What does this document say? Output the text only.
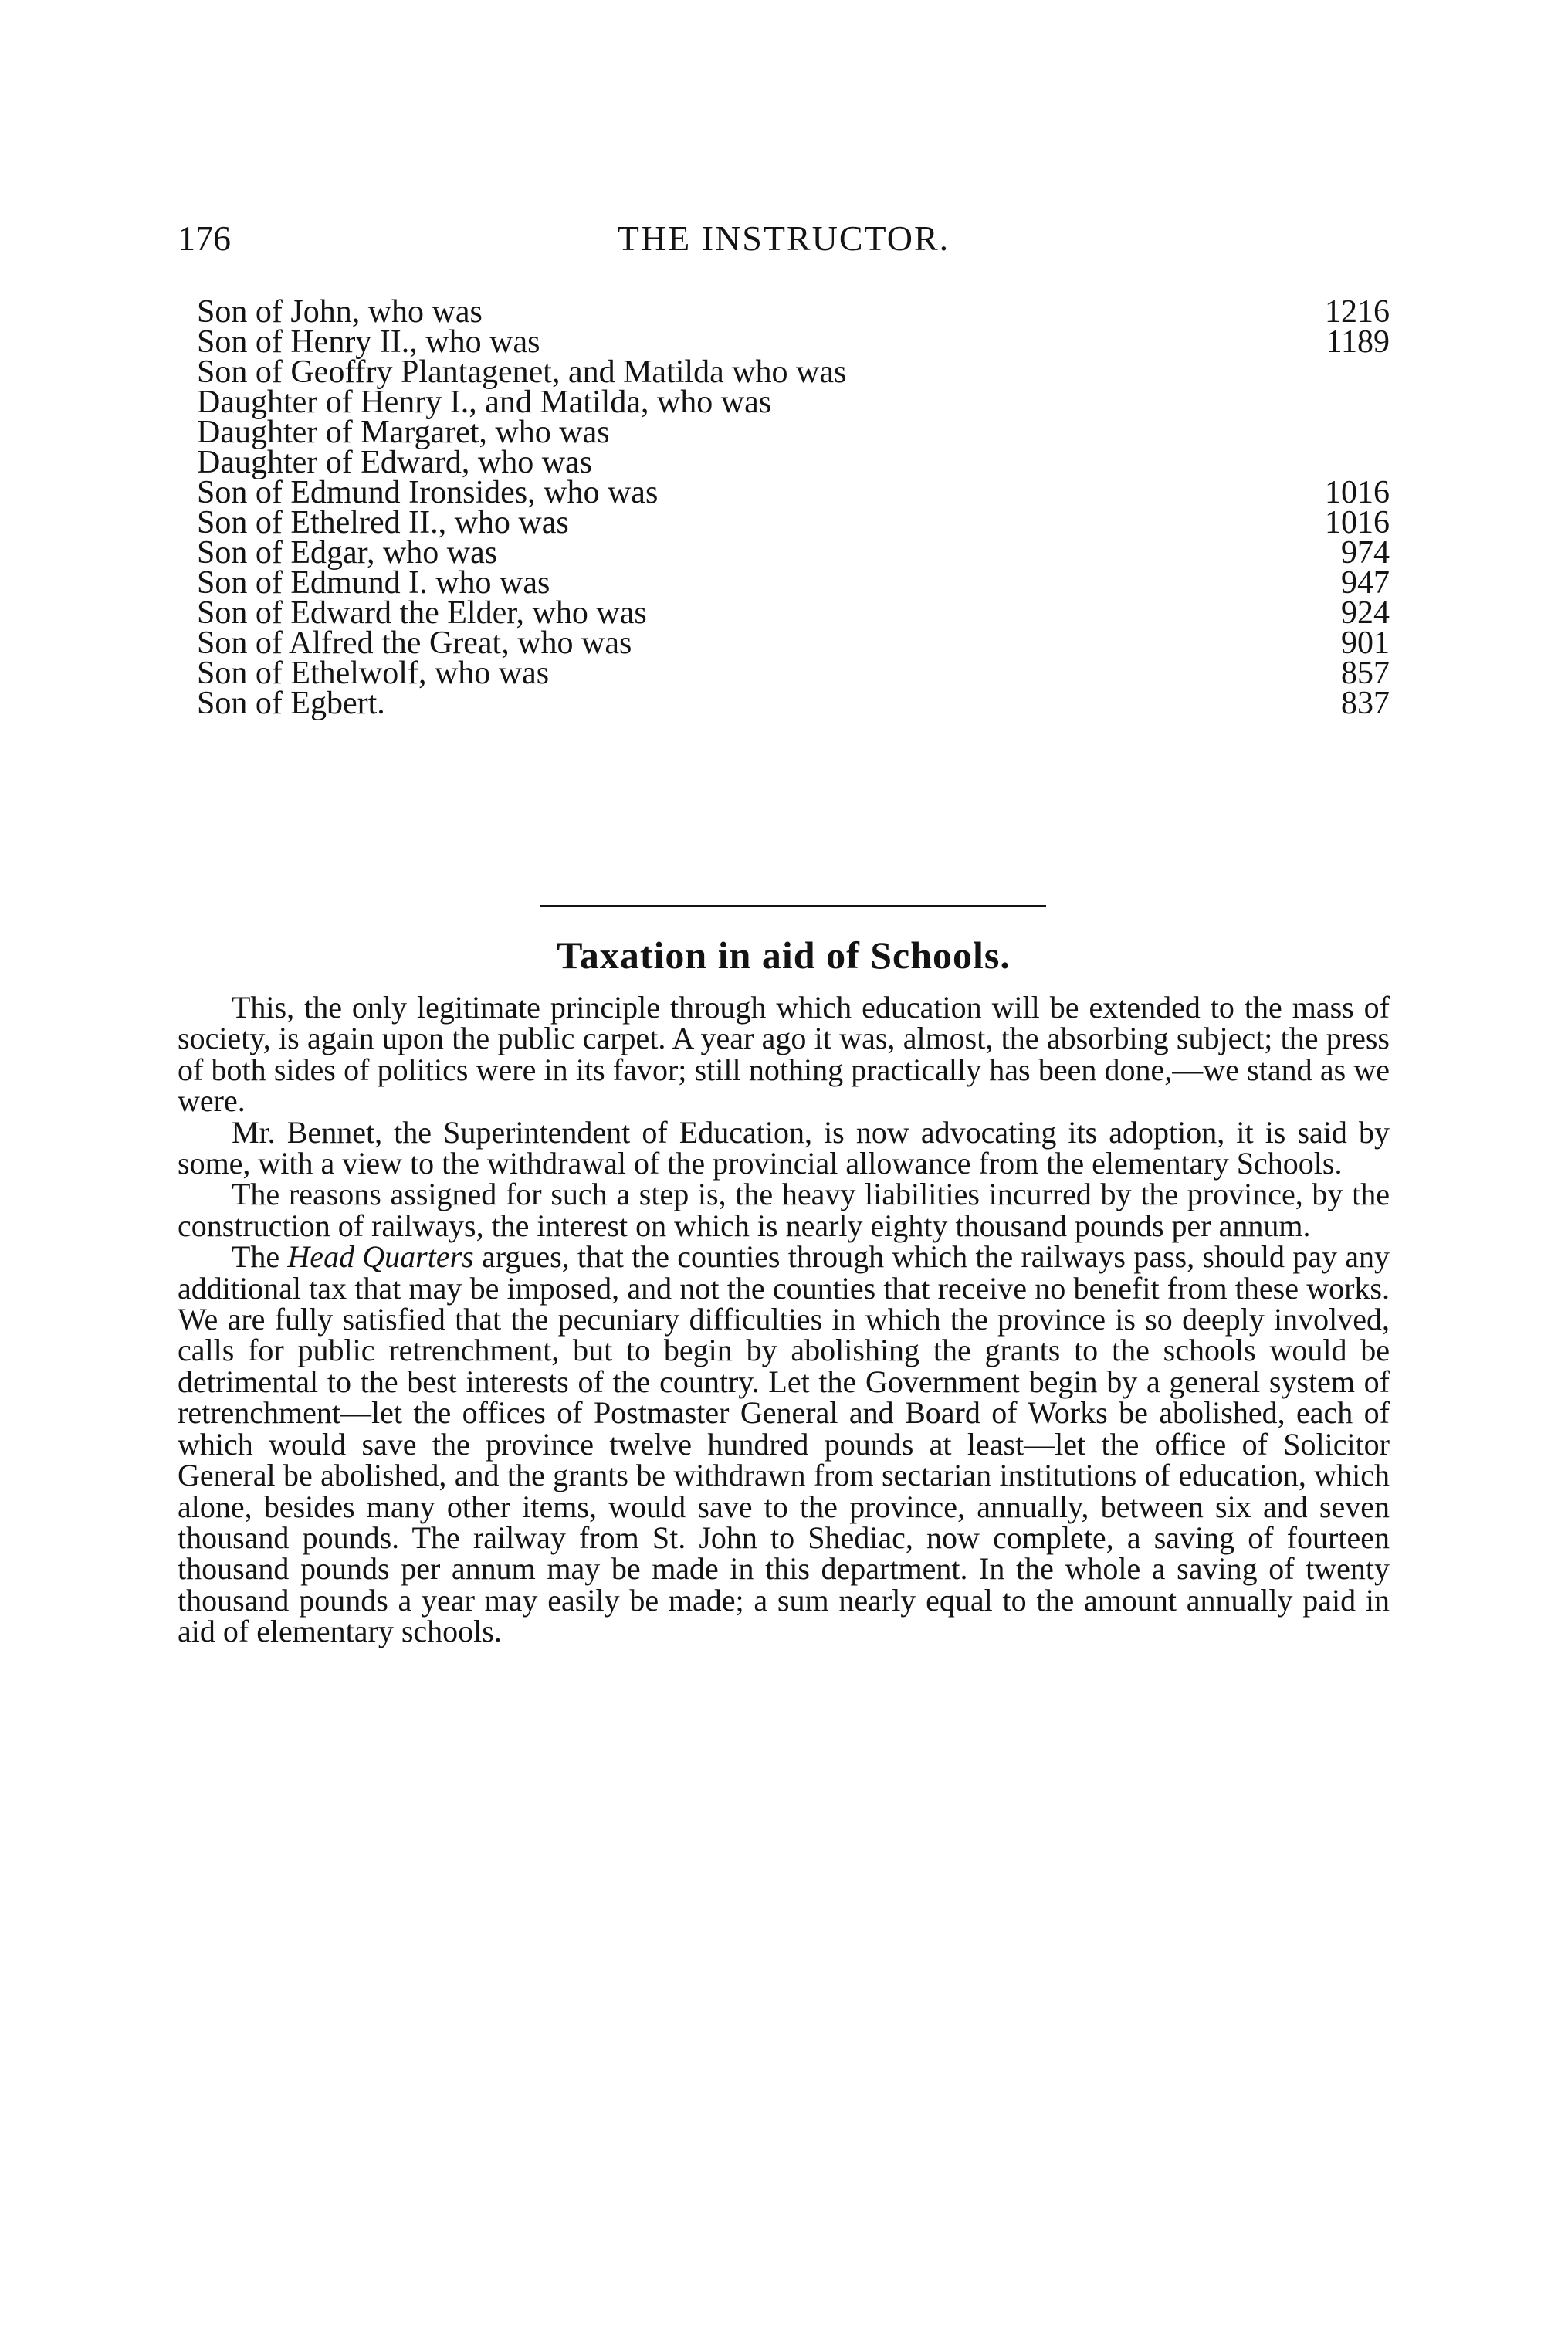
176	THE INSTRUCTOR.
Son of John, who was	1216
Son of Henry II., who was	1189
Son of Geoffry Plantagenet, and Matilda who was
Daughter of Henry I., and Matilda, who was
Daughter of Margaret, who was
Daughter of Edward, who was
Son of Edmund Ironsides, who was	1016
Son of Ethelred II., who was	1016
Son of Edgar, who was	974
Son of Edmund I. who was	947
Son of Edward the Elder, who was	924
Son of Alfred the Great, who was	901
Son of Ethelwolf, who was	857
Son of Egbert.	837
Taxation in aid of Schools.

This, the only legitimate principle through which education will be extended to the mass of society, is again upon the public carpet. A year ago it was, almost, the absorbing subject; the press of both sides of politics were in its favor; still nothing practically has been done,—we stand as we were.

Mr. Bennet, the Superintendent of Education, is now advocating its adoption, it is said by some, with a view to the withdrawal of the provincial allowance from the elementary Schools.

The reasons assigned for such a step is, the heavy liabilities incurred by the province, by the construction of railways, the interest on which is nearly eighty thousand pounds per annum.

The Head Quarters argues, that the counties through which the railways pass, should pay any additional tax that may be imposed, and not the counties that receive no benefit from these works. We are fully satisfied that the pecuniary difficulties in which the province is so deeply involved, calls for public retrenchment, but to begin by abolishing the grants to the schools would be detrimental to the best interests of the country. Let the Government begin by a general system of retrenchment—let the offices of Postmaster General and Board of Works be abolished, each of which would save the province twelve hundred pounds at least—let the office of Solicitor General be abolished, and the grants be withdrawn from sectarian institutions of education, which alone, besides many other items, would save to the province, annually, between six and seven thousand pounds. The railway from St. John to Shediac, now complete, a saving of fourteen thousand pounds per annum may be made in this department. In the whole a saving of twenty thousand pounds a year may easily be made; a sum nearly equal to the amount annually paid in aid of elementary schools.
